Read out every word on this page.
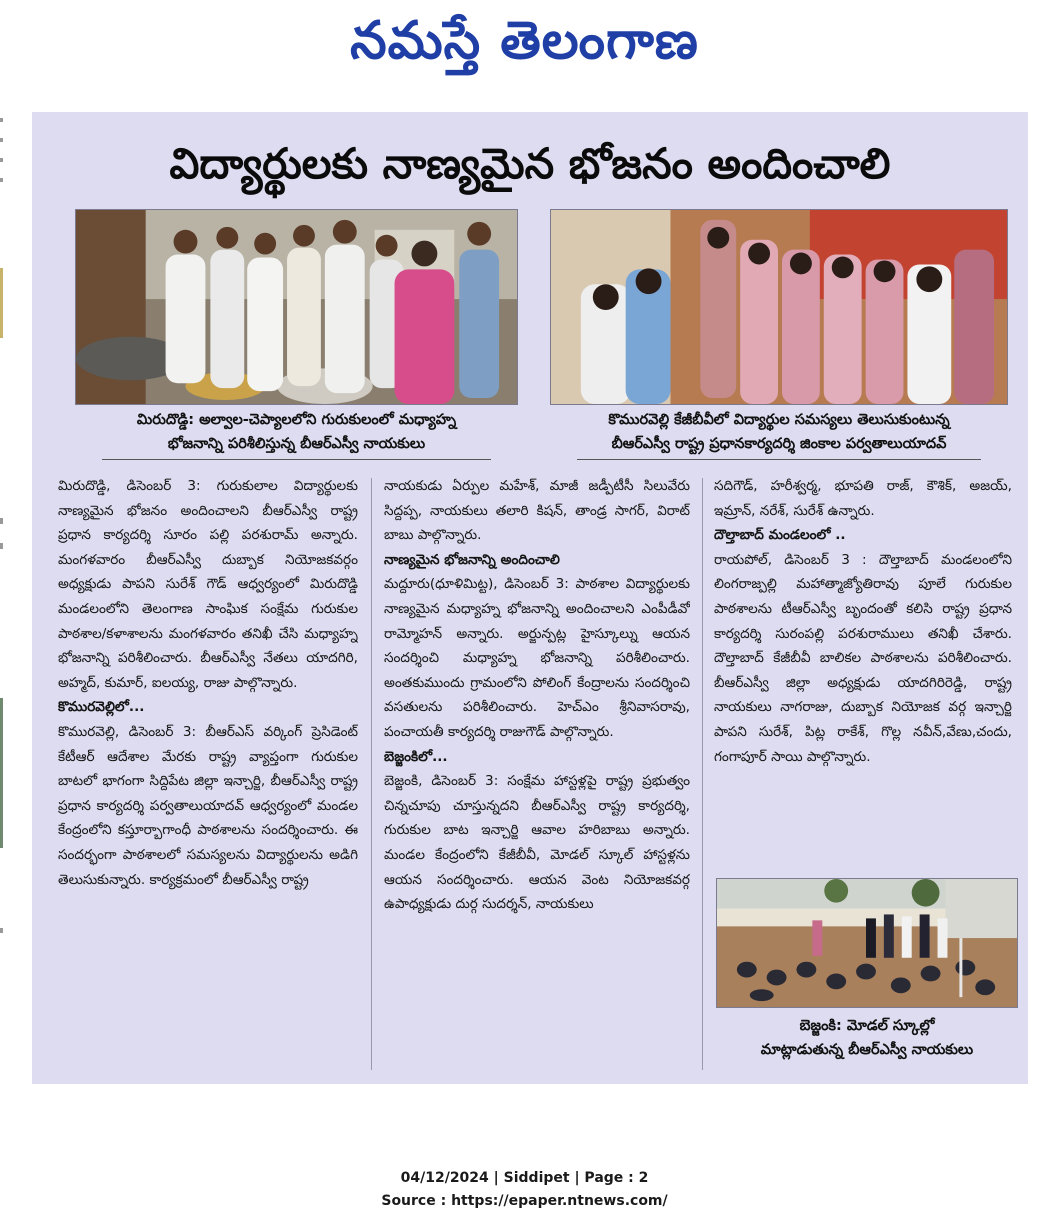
నమస్తే తెలంగాణ
విద్యార్థులకు నాణ్యమైన భోజనం అందించాలి
మిరుదొడ్డి: అల్వాల-చెప్యాలలోని గురుకులంలో మధ్యాహ్న
భోజనాన్ని పరిశీలిస్తున్న బీఆర్ఎస్వీ నాయకులు
కొమురవెల్లి కేజీబీవీలో విద్యార్థుల సమస్యలు తెలుసుకుంటున్న
బీఆర్ఎస్వీ రాష్ట్ర ప్రధానకార్యదర్శి జింకాల పర్వతాలుయాదవ్

మిరుదొడ్డి, డిసెంబర్ 3: గురుకులాల విద్యార్థులకు నాణ్యమైన భోజనం అందించాలని బీఆర్ఎస్వీ రాష్ట్ర ప్రధాన కార్యదర్శి సూరం పల్లి పరశురామ్ అన్నారు. మంగళవారం బీఆర్ఎస్వీ దుబ్బాక నియోజకవర్గం అధ్యక్షుడు పాపని సురేశ్ గౌడ్ ఆధ్వర్యంలో మిరుదొడ్డి మండలంలోని తెలంగాణ సాంఘిక సంక్షేమ గురుకుల పాఠశాల/కళాశాలను మంగళవారం తనిఖీ చేసి మధ్యాహ్న భోజనాన్ని పరిశీలించారు. బీఆర్ఎస్వీ నేతలు యాదగిరి, అహ్మద్, కుమార్, ఐలయ్య, రాజు పాల్గొన్నారు.

కొమురవెల్లిలో...

కొమురవెల్లి, డిసెంబర్ 3: బీఆర్ఎస్ వర్కింగ్ ప్రెసిడెంట్ కేటీఆర్ ఆదేశాల మేరకు రాష్ట్ర వ్యాప్తంగా గురుకుల బాటలో భాగంగా సిద్దిపేట జిల్లా ఇన్చార్జి, బీఆర్ఎస్వీ రాష్ట్ర ప్రధాన కార్యదర్శి పర్వతాలుయాదవ్ ఆధ్వర్యంలో మండల కేంద్రంలోని కస్తూర్బాగాంధీ పాఠశాలను సందర్శించారు. ఈ సందర్భంగా పాఠశాలలో సమస్యలను విద్యార్థులను అడిగి తెలుసుకున్నారు. కార్యక్రమంలో బీఆర్ఎస్వీ రాష్ట్ర

నాయకుడు ఏర్పుల మహేశ్, మాజీ జడ్పీటీసీ సిలువేరు సిద్దప్ప, నాయకులు తలారి కిషన్, తాండ్ర సాగర్, విరాట్ బాబు పాల్గొన్నారు.

నాణ్యమైన భోజనాన్ని అందించాలి

మద్దూరు(ధూళిమిట్ట), డిసెంబర్ 3: పాఠశాల విద్యార్థులకు నాణ్యమైన మధ్యాహ్న భోజనాన్ని అందించాలని ఎంపీడీవో రామ్మోహన్ అన్నారు. అర్జున్పట్ల హైస్కూల్ను ఆయన సందర్శించి మధ్యాహ్న భోజనాన్ని పరిశీలించారు. అంతకుముందు గ్రామంలోని పోలింగ్ కేంద్రాలను సందర్శించి వసతులను పరిశీలించారు. హెచ్ఎం శ్రీనివాసరావు, పంచాయతీ కార్యదర్శి రాజుగౌడ్ పాల్గొన్నారు.

బెజ్జంకిలో...

బెజ్జంకి, డిసెంబర్ 3: సంక్షేమ హాస్టళ్లపై రాష్ట్ర ప్రభుత్వం చిన్నచూపు చూస్తున్నదని బీఆర్ఎస్వీ రాష్ట్ర కార్యదర్శి, గురుకుల బాట ఇన్చార్జి ఆవాల హరిబాబు అన్నారు. మండల కేంద్రంలోని కేజీబీవీ, మోడల్ స్కూల్ హాస్టళ్లను ఆయన సందర్శించారు. ఆయన వెంట నియోజకవర్గ ఉపాధ్యక్షుడు దుర్గ సుదర్శన్, నాయకులు

సదిగౌడ్, హరీశ్వర్మ, భూపతి రాజ్, కౌశిక్, అజయ్, ఇమ్రాన్, నరేశ్, సురేశ్ ఉన్నారు.

దౌల్తాబాద్ మండలంలో ..

రాయపోల్, డిసెంబర్ 3 : దౌల్తాబాద్ మండలంలోని లింగరాజ్పల్లి మహాత్మాజ్యోతిరావు పూలే గురుకుల పాఠశాలను టీఆర్ఎస్వీ బృందంతో కలిసి రాష్ట్ర ప్రధాన కార్యదర్శి సురంపల్లి పరశురాములు తనిఖీ చేశారు. దౌల్తాబాద్ కేజీబీవీ బాలికల పాఠశాలను పరిశీలించారు. బీఆర్ఎస్వీ జిల్లా అధ్యక్షుడు యాదగిరిరెడ్డి, రాష్ట్ర నాయకులు నాగరాజు, దుబ్బాక నియోజక వర్గ ఇన్చార్జి పాపని సురేశ్, పిట్ల రాకేశ్, గొల్ల నవీన్,వేణు,చందు, గంగాపూర్ సాయి పాల్గొన్నారు.

బెజ్జంకి: మోడల్ స్కూల్లో
మాట్లాడుతున్న బీఆర్ఎస్వీ నాయకులు
04/12/2024 | Siddipet | Page : 2
Source : https://epaper.ntnews.com/
